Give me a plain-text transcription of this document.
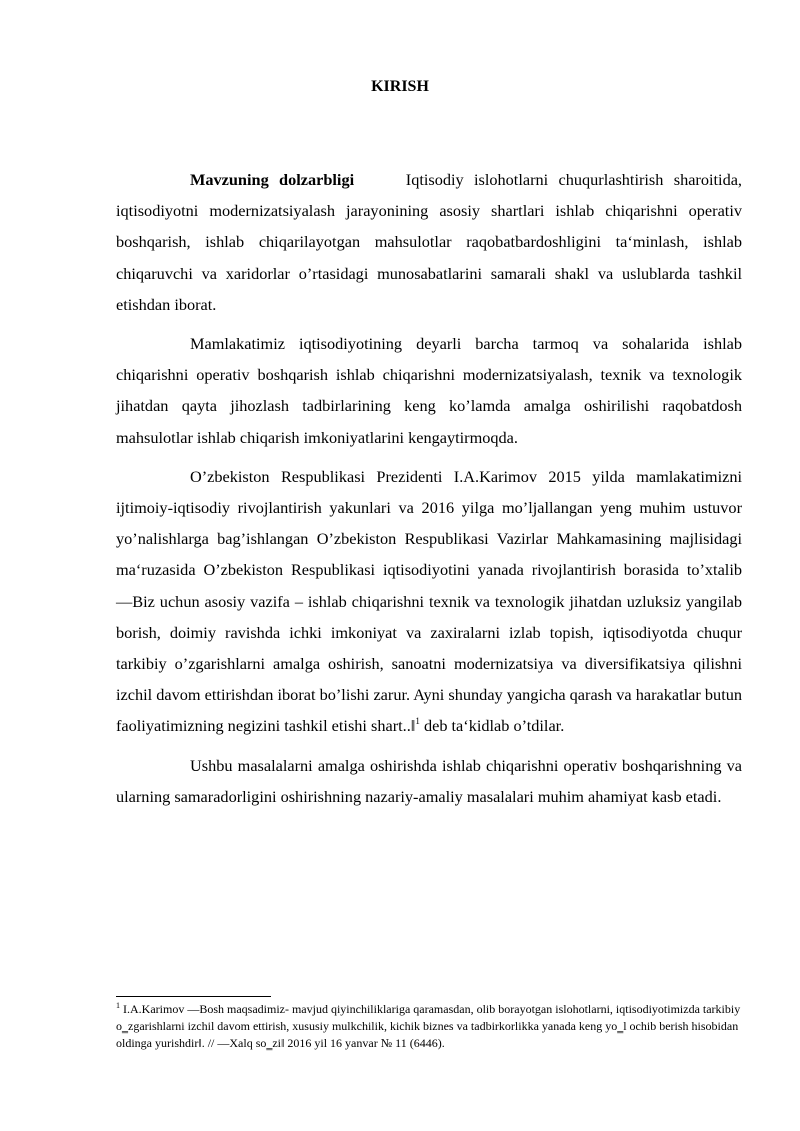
KIRISH

Mavzuning dolzarbligi	Iqtisodiy islohotlarni chuqurlashtirish sharoitida, iqtisodiyotni modernizatsiyalash jarayonining asosiy shartlari ishlab chiqarishni operativ boshqarish, ishlab chiqarilayotgan mahsulotlar raqobatbardoshligini ta‘minlash, ishlab chiqaruvchi va xaridorlar o’rtasidagi munosabatlarini samarali shakl va uslublarda tashkil etishdan iborat.

Mamlakatimiz iqtisodiyotining deyarli barcha tarmoq va sohalarida ishlab chiqarishni operativ boshqarish ishlab chiqarishni modernizatsiyalash, texnik va texnologik jihatdan qayta jihozlash tadbirlarining keng ko’lamda amalga oshirilishi raqobatdosh mahsulotlar ishlab chiqarish imkoniyatlarini kengaytirmoqda.

O’zbekiston Respublikasi Prezidenti I.A.Karimov 2015 yilda mamlakatimizni ijtimoiy-iqtisodiy rivojlantirish yakunlari va 2016 yilga mo’ljallangan yeng muhim ustuvor yo’nalishlarga bag’ishlangan O’zbekiston Respublikasi Vazirlar Mahkamasining majlisidagi ma‘ruzasida O’zbekiston Respublikasi iqtisodiyotini yanada rivojlantirish borasida to’xtalib ―Biz uchun asosiy vazifa – ishlab chiqarishni texnik va texnologik jihatdan uzluksiz yangilab borish, doimiy ravishda ichki imkoniyat va zaxiralarni izlab topish, iqtisodiyotda chuqur tarkibiy o’zgarishlarni amalga oshirish, sanoatni modernizatsiya va diversifikatsiya qilishni izchil davom ettirishdan iborat bo’lishi zarur. Ayni shunday yangicha qarash va harakatlar butun faoliyatimizning negizini tashkil etishi shart..‖$^1$ deb ta‘kidlab o’tdilar.

Ushbu masalalarni amalga oshirishda ishlab chiqarishni operativ boshqarishning va ularning samaradorligini oshirishning nazariy-amaliy masalalari muhim ahamiyat kasb etadi.

$^1$ I.A.Karimov ―Bosh maqsadimiz- mavjud qiyinchiliklariga qaramasdan, olib borayotgan islohotlarni, iqtisodiyotimizda tarkibiy o‗zgarishlarni izchil davom ettirish, xususiy mulkchilik, kichik biznes va tadbirkorlikka yanada keng yo‗l ochib berish hisobidan oldinga yurishdir‖. // ―Xalq so‗zi‖ 2016 yil 16 yanvar № 11 (6446).
